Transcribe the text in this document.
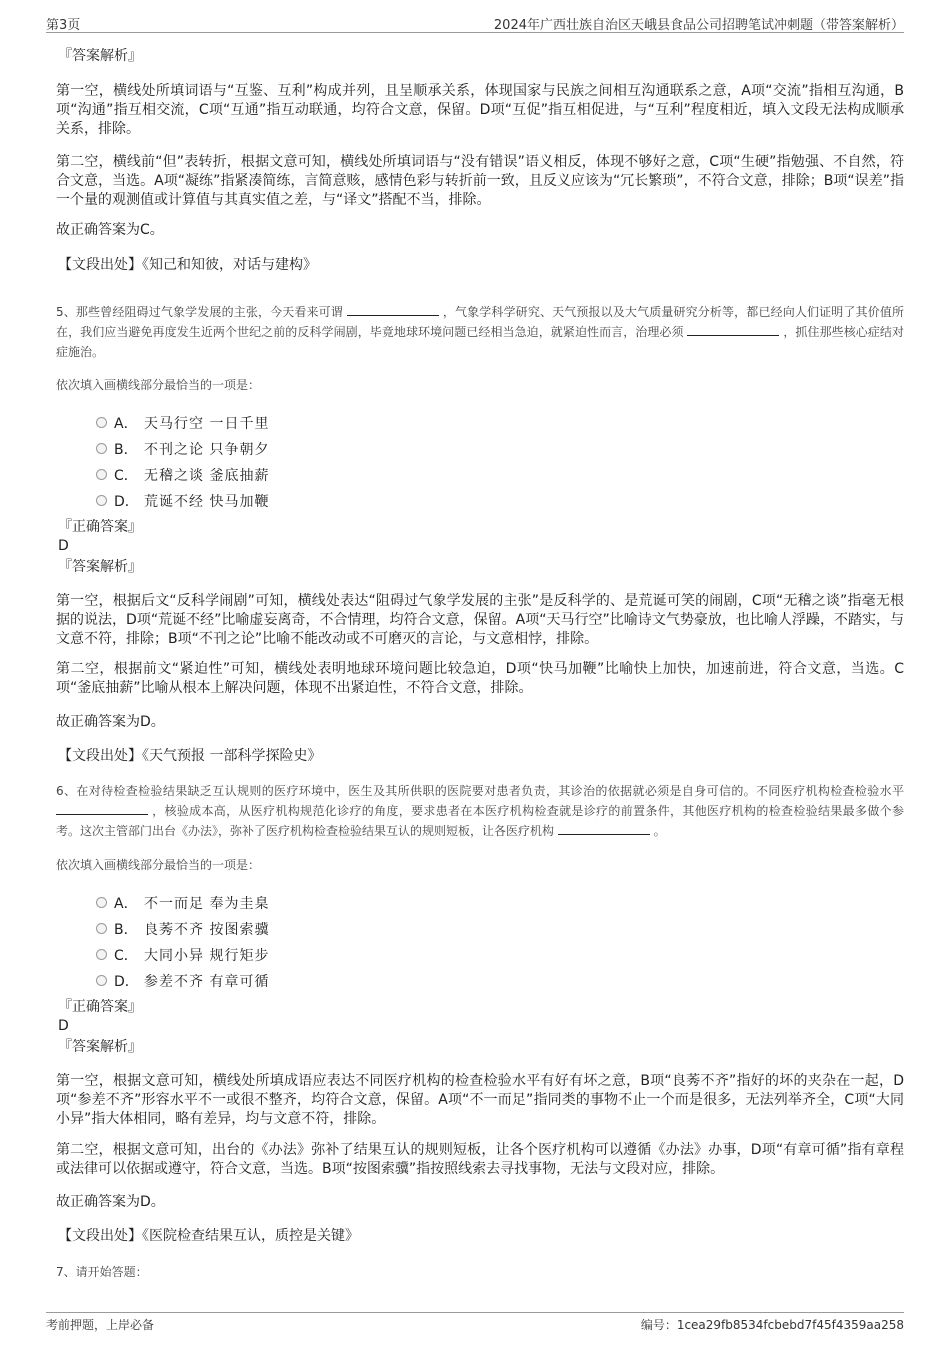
第3页	2024年广西壮族自治区天峨县食品公司招聘笔试冲刺题（带答案解析）

『答案解析』

第一空，横线处所填词语与“互鉴、互利”构成并列，且呈顺承关系，体现国家与民族之间相互沟通联系之意，A项“交流”指相互沟通，B项“沟通”指互相交流，C项“互通”指互动联通，均符合文意，保留。D项“互促”指互相促进，与“互利”程度相近，填入文段无法构成顺承关系，排除。

第二空，横线前“但”表转折，根据文意可知，横线处所填词语与“没有错误”语义相反，体现不够好之意，C项“生硬”指勉强、不自然，符合文意，当选。A项“凝练”指紧凑简练，言简意赅，感情色彩与转折前一致，且反义应该为“冗长繁琐”，不符合文意，排除；B项“误差”指一个量的观测值或计算值与其真实值之差，与“译文”搭配不当，排除。

故正确答案为C。

【文段出处】《知己和知彼，对话与建构》

5、那些曾经阻碍过气象学发展的主张，今天看来可谓	，气象学科学研究、天气预报以及大气质量研究分析等，都已经向人们证明了其价值所在，我们应当避免再度发生近两个世纪之前的反科学闹剧，毕竟地球环境问题已经相当急迫，就紧迫性而言，治理必须	，抓住那些核心症结对症施治。

依次填入画横线部分最恰当的一项是：

A． 天马行空 一日千里
B． 不刊之论 只争朝夕
C． 无稽之谈 釜底抽薪
D． 荒诞不经 快马加鞭

『正确答案』

D

『答案解析』

第一空，根据后文“反科学闹剧”可知，横线处表达“阻碍过气象学发展的主张”是反科学的、是荒诞可笑的闹剧，C项“无稽之谈”指毫无根据的说法，D项“荒诞不经”比喻虚妄离奇，不合情理，均符合文意，保留。A项“天马行空”比喻诗文气势豪放，也比喻人浮躁，不踏实，与文意不符，排除；B项“不刊之论”比喻不能改动或不可磨灭的言论，与文意相悖，排除。

第二空，根据前文“紧迫性”可知，横线处表明地球环境问题比较急迫，D项“快马加鞭”比喻快上加快，加速前进，符合文意，当选。C项“釜底抽薪”比喻从根本上解决问题，体现不出紧迫性，不符合文意，排除。

故正确答案为D。

【文段出处】《天气预报 一部科学探险史》

6、在对待检查检验结果缺乏互认规则的医疗环境中，医生及其所供职的医院要对患者负责，其诊治的依据就必须是自身可信的。不同医疗机构检查检验水平  ，核验成本高，从医疗机构规范化诊疗的角度，要求患者在本医疗机构检查就是诊疗的前置条件，其他医疗机构的检查检验结果最多做个参考。这次主管部门出台《办法》，弥补了医疗机构检查检验结果互认的规则短板，让各医疗机构	。

依次填入画横线部分最恰当的一项是：

A． 不一而足 奉为圭臬
B． 良莠不齐 按图索骥
C． 大同小异 规行矩步
D． 参差不齐 有章可循

『正确答案』

D

『答案解析』

第一空，根据文意可知，横线处所填成语应表达不同医疗机构的检查检验水平有好有坏之意，B项“良莠不齐”指好的坏的夹杂在一起，D项“参差不齐”形容水平不一或很不整齐，均符合文意，保留。A项“不一而足”指同类的事物不止一个而是很多，无法列举齐全，C项“大同小异”指大体相同，略有差异，均与文意不符，排除。

第二空，根据文意可知，出台的《办法》弥补了结果互认的规则短板，让各个医疗机构可以遵循《办法》办事，D项“有章可循”指有章程或法律可以依据或遵守，符合文意，当选。B项“按图索骥”指按照线索去寻找事物，无法与文段对应，排除。

故正确答案为D。

【文段出处】《医院检查结果互认，质控是关键》

7、请开始答题：

考前押题，上岸必备	编号：1cea29fb8534fcbebd7f45f4359aa258
